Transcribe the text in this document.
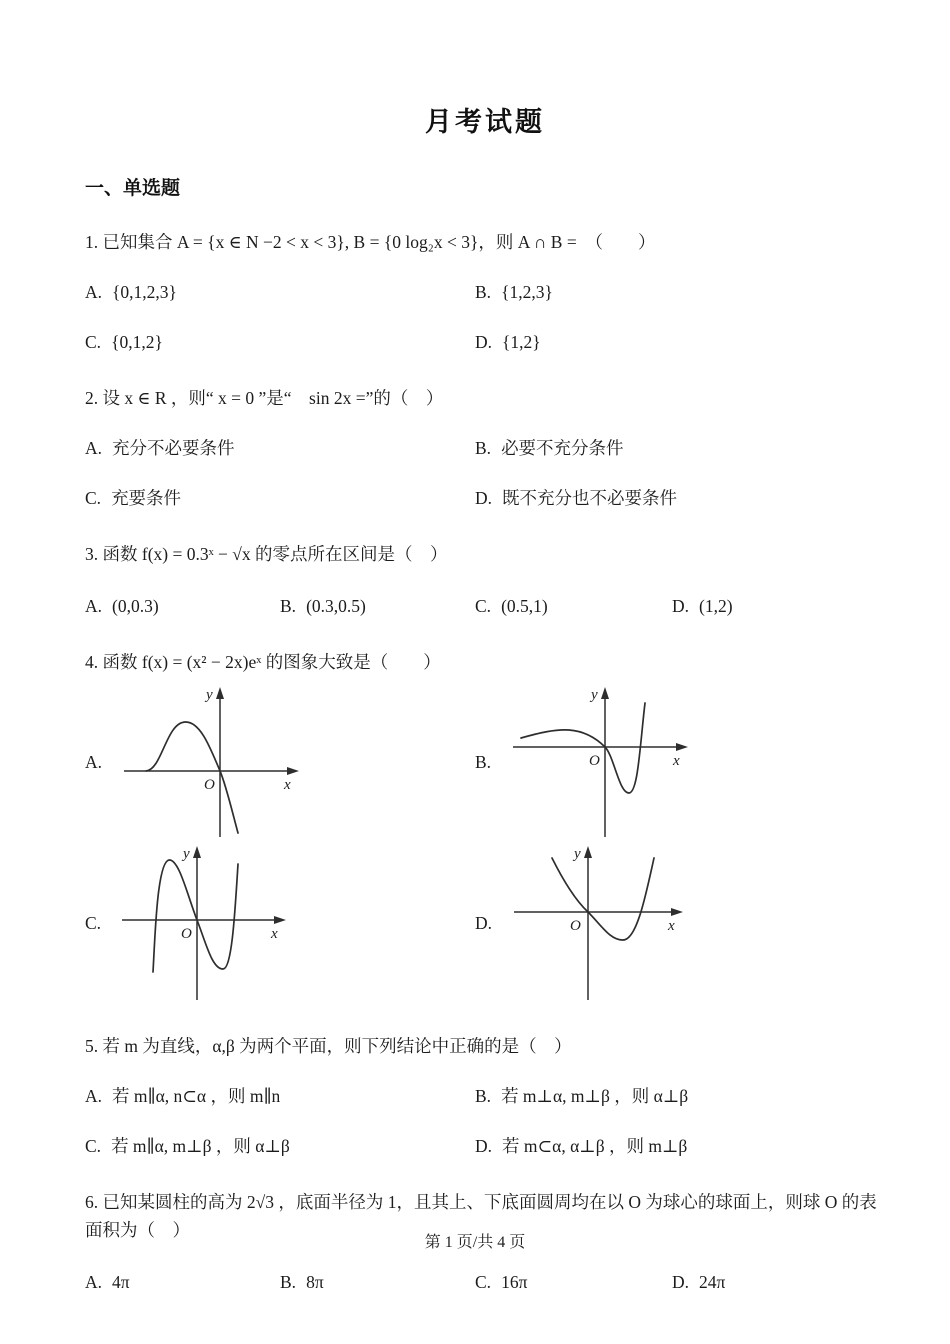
月考试题
一、单选题
1. 已知集合 A = {x ∈ N −2 < x < 3}, B = {0 log₂x < 3}，则 A ∩ B =　（　　）
A. {0,1,2,3}	B. {1,2,3}
C. {0,1,2}	D. {1,2}
2. 设 x ∈ R ，则“ x = 0 ”是“　sin 2x =”的（　）
A. 充分不必要条件	B. 必要不充分条件
C. 充要条件	D. 既不充分也不必要条件
3. 函数 f(x) = 0.3ˣ − √x 的零点所在区间是（　）
A. (0,0.3)	B. (0.3,0.5)	C. (0.5,1)	D. (1,2)
4. 函数 f(x) = (x² − 2x)eˣ 的图象大致是（　　）
A.
y
x
O
B.
y
x
O
C.
y
x
O
D.
y
x
O
5. 若 m 为直线，α,β 为两个平面，则下列结论中正确的是（　）
A. 若 m∥α, n⊂α ，则 m∥n	B. 若 m⊥α, m⊥β ，则 α⊥β
C. 若 m∥α, m⊥β ，则 α⊥β	D. 若 m⊂α, α⊥β ，则 m⊥β
6. 已知某圆柱的高为 2√3 ，底面半径为 1，且其上、下底面圆周均在以 O 为球心的球面上，则球 O 的表面积为（　）
A. 4π	B. 8π	C. 16π	D. 24π
第 1 页/共 4 页
